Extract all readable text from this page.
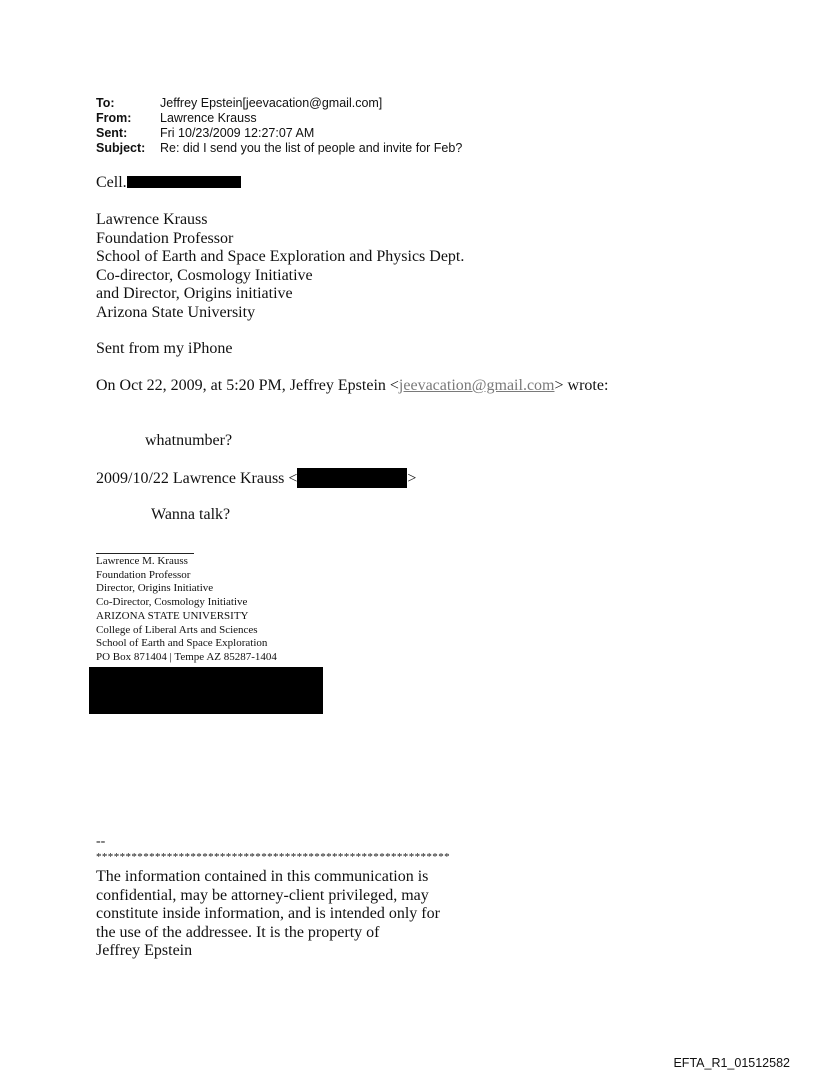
To:	Jeffrey Epstein[jeevacation@gmail.com]
From:	Lawrence Krauss
Sent:	Fri 10/23/2009 12:27:07 AM
Subject:	Re: did I send you the list of people and invite for Feb?
Cell.
Lawrence Krauss
Foundation Professor
School of Earth and Space Exploration and Physics Dept.
Co-director, Cosmology Initiative
and Director, Origins initiative
Arizona State University
Sent from my iPhone
On Oct 22, 2009, at 5:20 PM, Jeffrey Epstein <jeevacation@gmail.com> wrote:
whatnumber?
2009/10/22 Lawrence Krauss <	>
Wanna talk?
Lawrence M. Krauss
Foundation Professor
Director, Origins Initiative
Co-Director, Cosmology Initiative
ARIZONA STATE UNIVERSITY
College of Liberal Arts and Sciences
School of Earth and Space Exploration
PO Box 871404 | Tempe AZ 85287-1404
--
************************************************************
The information contained in this communication is
confidential, may be attorney-client privileged, may
constitute inside information, and is intended only for
the use of the addressee. It is the property of
Jeffrey Epstein
EFTA_R1_01512582
